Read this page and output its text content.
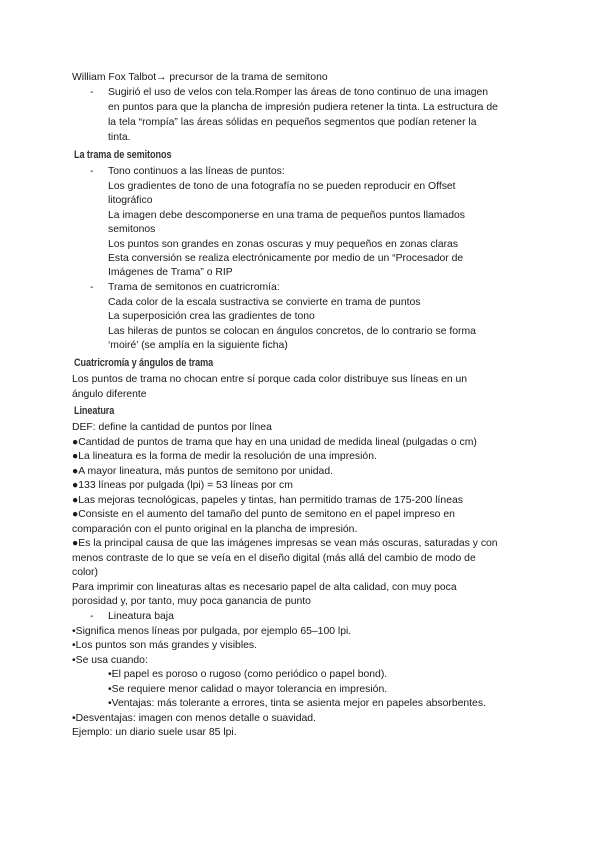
William Fox Talbot→ precursor de la trama de semitono
- Sugirió el uso de velos con tela.Romper las áreas de tono continuo de una imagen
en puntos para que la plancha de impresión pudiera retener la tinta. La estructura de
la tela “rompía” las áreas sólidas en pequeños segmentos que podían retener la
tinta.
La trama de semitonos
- Tono continuos a las líneas de puntos:
Los gradientes de tono de una fotografía no se pueden reproducir en Offset
litográfico
La imagen debe descomponerse en una trama de pequeños puntos llamados
semitonos
Los puntos son grandes en zonas oscuras y muy pequeños en zonas claras
Esta conversión se realiza electrónicamente por medio de un “Procesador de
Imágenes de Trama” o RIP
- Trama de semitonos en cuatricromía:
Cada color de la escala sustractiva se convierte en trama de puntos
La superposición crea las gradientes de tono
Las hileras de puntos se colocan en ángulos concretos, de lo contrario se forma
‘moiré’ (se amplía en la siguiente ficha)
Cuatricromía y ángulos de trama
Los puntos de trama no chocan entre sí porque cada color distribuye sus líneas en un
ángulo diferente
Lineatura
DEF: define la cantidad de puntos por línea
●Cantidad de puntos de trama que hay en una unidad de medida lineal (pulgadas o cm)
●La lineatura es la forma de medir la resolución de una impresión.
●A mayor lineatura, más puntos de semitono por unidad.
●133 líneas por pulgada (lpi) = 53 líneas por cm
●Las mejoras tecnológicas, papeles y tintas, han permitido tramas de 175-200 líneas
●Consiste en el aumento del tamaño del punto de semitono en el papel impreso en
comparación con el punto original en la plancha de impresión.
●Es la principal causa de que las imágenes impresas se vean más oscuras, saturadas y con
menos contraste de lo que se veía en el diseño digital (más allá del cambio de modo de
color)
Para imprimir con lineaturas altas es necesario papel de alta calidad, con muy poca
porosidad y, por tanto, muy poca ganancia de punto
- Lineatura baja
•Significa menos líneas por pulgada, por ejemplo 65–100 lpi.
•Los puntos son más grandes y visibles.
•Se usa cuando:
•El papel es poroso o rugoso (como periódico o papel bond).
•Se requiere menor calidad o mayor tolerancia en impresión.
•Ventajas: más tolerante a errores, tinta se asienta mejor en papeles absorbentes.
•Desventajas: imagen con menos detalle o suavidad.
Ejemplo: un diario suele usar 85 lpi.
